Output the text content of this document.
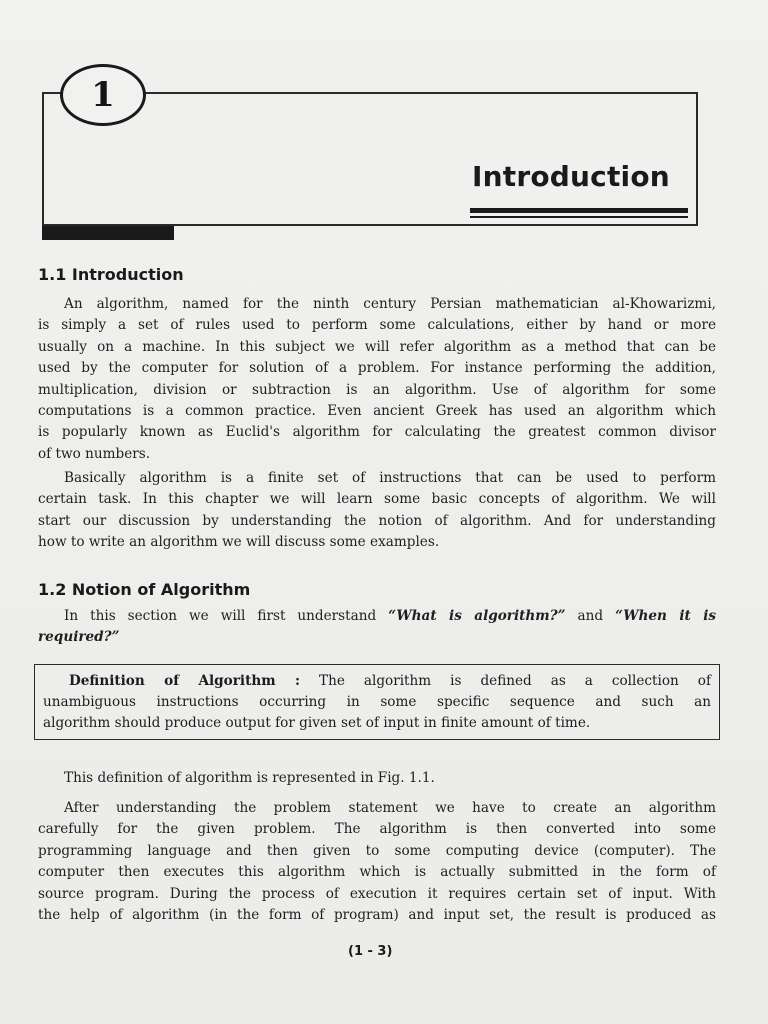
1
Introduction
1.1 Introduction
An algorithm, named for the ninth century Persian mathematician al-Khowarizmi,
is simply a set of rules used to perform some calculations, either by hand or more
usually on a machine. In this subject we will refer algorithm as a method that can be
used by the computer for solution of a problem. For instance performing the addition,
multiplication, division or subtraction is an algorithm. Use of algorithm for some
computations is a common practice. Even ancient Greek has used an algorithm which
is popularly known as Euclid's algorithm for calculating the greatest common divisor
of two numbers.
Basically algorithm is a finite set of instructions that can be used to perform
certain task. In this chapter we will learn some basic concepts of algorithm. We will
start our discussion by understanding the notion of algorithm. And for understanding
how to write an algorithm we will discuss some examples.
1.2 Notion of Algorithm
In this section we will first understand “What is algorithm?” and “When it is
required?”
Definition of Algorithm : The algorithm is defined as a collection of
unambiguous instructions occurring in some specific sequence and such an
algorithm should produce output for given set of input in finite amount of time.
This definition of algorithm is represented in Fig. 1.1.
After understanding the problem statement we have to create an algorithm
carefully for the given problem. The algorithm is then converted into some
programming language and then given to some computing device (computer). The
computer then executes this algorithm which is actually submitted in the form of
source program. During the process of execution it requires certain set of input. With
the help of algorithm (in the form of program) and input set, the result is produced as
(1 - 3)
